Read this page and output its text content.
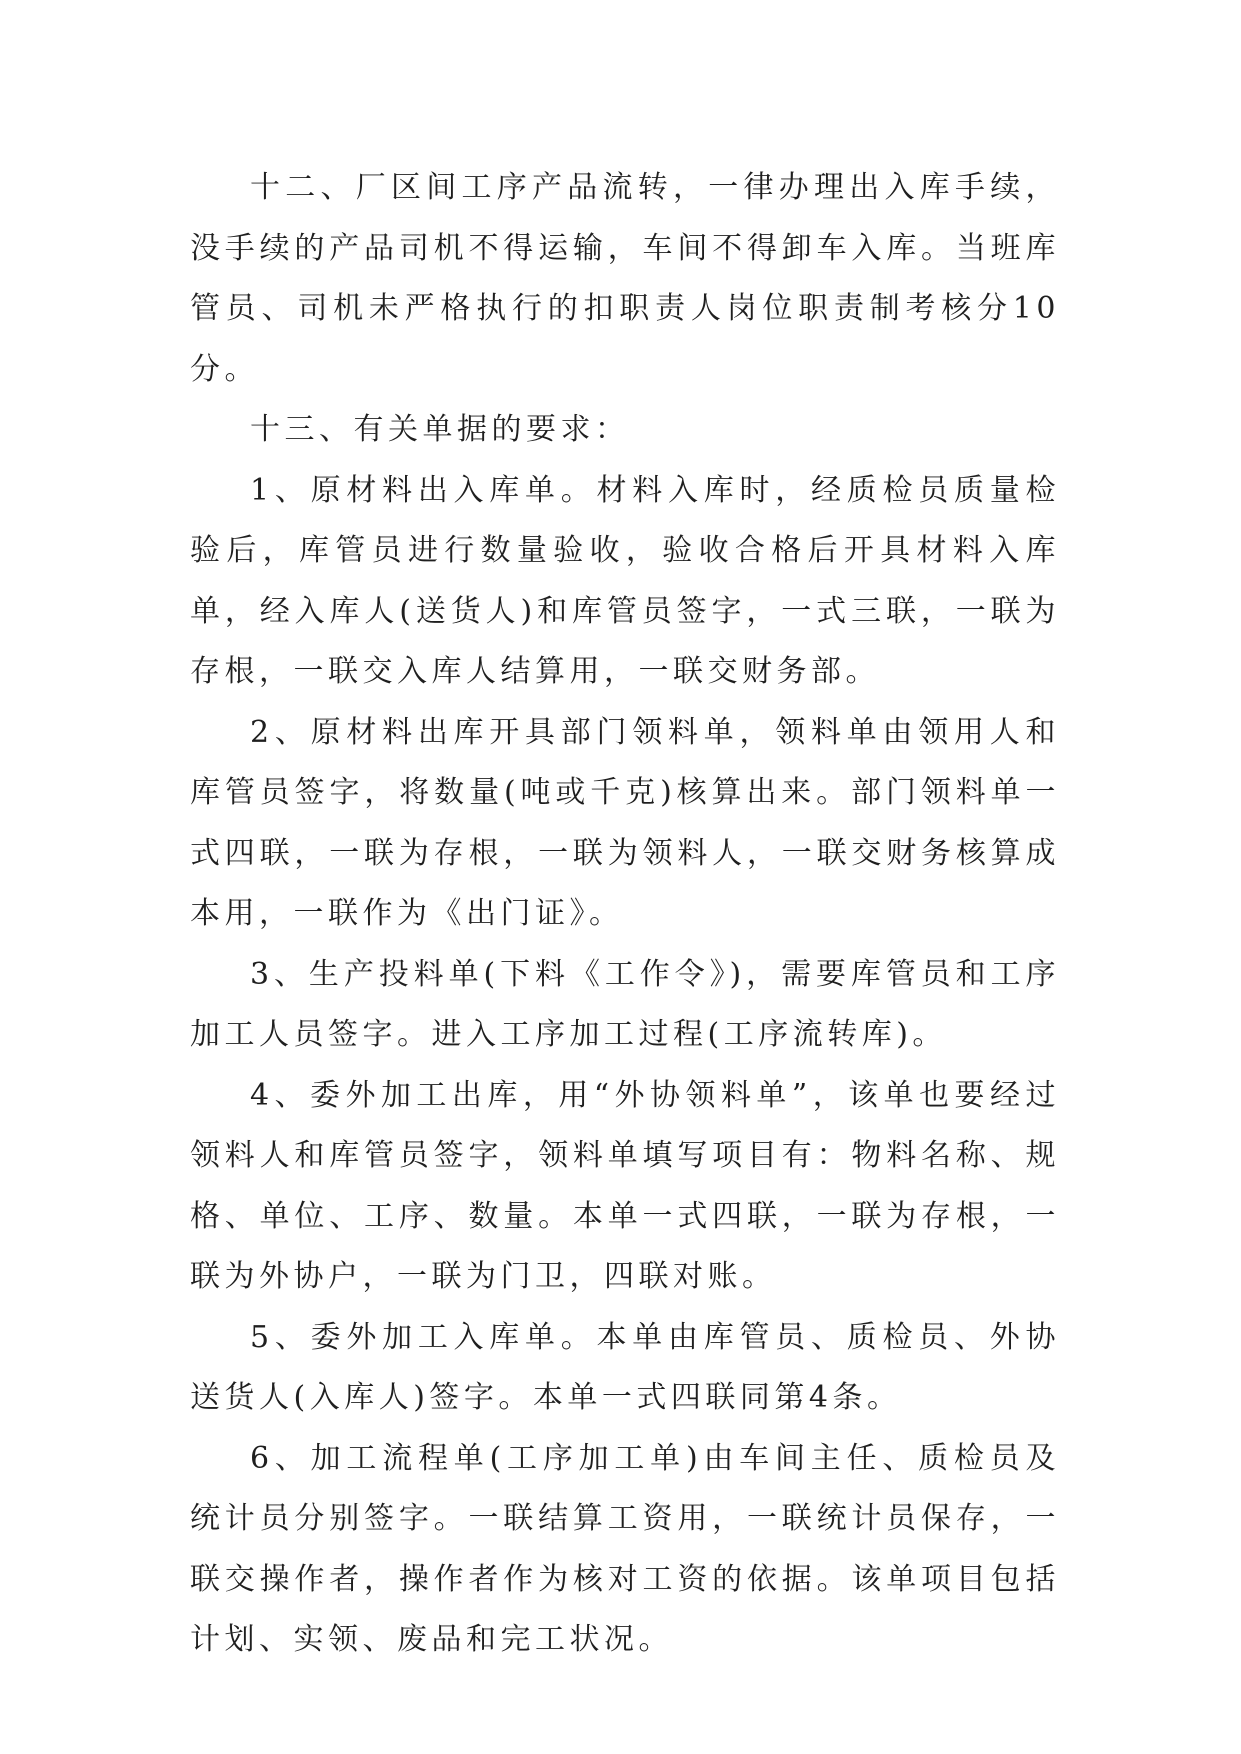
十二、厂区间工序产品流转，一律办理出入库手续，没手续的产品司机不得运输，车间不得卸车入库。当班库管员、司机未严格执行的扣职责人岗位职责制考核分10分。

十三、有关单据的要求：

1、原材料出入库单。材料入库时，经质检员质量检验后，库管员进行数量验收，验收合格后开具材料入库单，经入库人(送货人)和库管员签字，一式三联，一联为存根，一联交入库人结算用，一联交财务部。

2、原材料出库开具部门领料单，领料单由领用人和库管员签字，将数量(吨或千克)核算出来。部门领料单一式四联，一联为存根，一联为领料人，一联交财务核算成本用，一联作为《出门证》。

3、生产投料单(下料《工作令》)，需要库管员和工序加工人员签字。进入工序加工过程(工序流转库)。

4、委外加工出库，用“外协领料单”，该单也要经过领料人和库管员签字，领料单填写项目有：物料名称、规格、单位、工序、数量。本单一式四联，一联为存根，一联为外协户，一联为门卫，四联对账。

5、委外加工入库单。本单由库管员、质检员、外协送货人(入库人)签字。本单一式四联同第4条。

6、加工流程单(工序加工单)由车间主任、质检员及统计员分别签字。一联结算工资用，一联统计员保存，一联交操作者，操作者作为核对工资的依据。该单项目包括计划、实领、废品和完工状况。
